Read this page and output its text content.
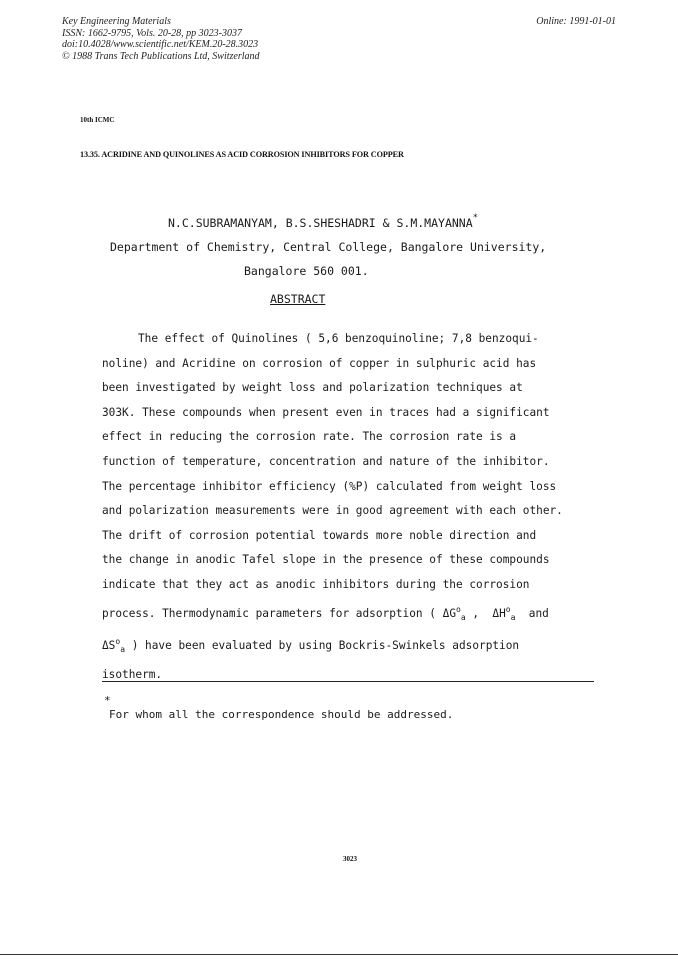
Key Engineering Materials
ISSN: 1662-9795, Vols. 20-28, pp 3023-3037
doi:10.4028/www.scientific.net/KEM.20-28.3023
© 1988 Trans Tech Publications Ltd, Switzerland
Online: 1991-01-01
10th ICMC
13.35. ACRIDINE AND QUINOLINES AS ACID CORROSION INHIBITORS FOR COPPER
N.C.SUBRAMANYAM, B.S.SHESHADRI & S.M.MAYANNA*
Department of Chemistry, Central College, Bangalore University,
Bangalore 560 001.
ABSTRACT
The effect of Quinolines ( 5,6 benzoquinoline; 7,8 benzoqui-
noline) and Acridine on corrosion of copper in sulphuric acid has
been investigated by weight loss and polarization techniques at
303K. These compounds when present even in traces had a significant
effect in reducing the corrosion rate. The corrosion rate is a
function of temperature, concentration and nature of the inhibitor.
The percentage inhibitor efficiency (%P) calculated from weight loss
and polarization measurements were in good agreement with each other.
The drift of corrosion potential towards more noble direction and
the change in anodic Tafel slope in the presence of these compounds
indicate that they act as anodic inhibitors during the corrosion
process. Thermodynamic parameters for adsorption ( $\Delta G^o_a$ , $\Delta H^o_a$ and
$\Delta S^o_a$ ) have been evaluated by using Bockris-Swinkels adsorption
isotherm.
*
For whom all the correspondence should be addressed.
3023
